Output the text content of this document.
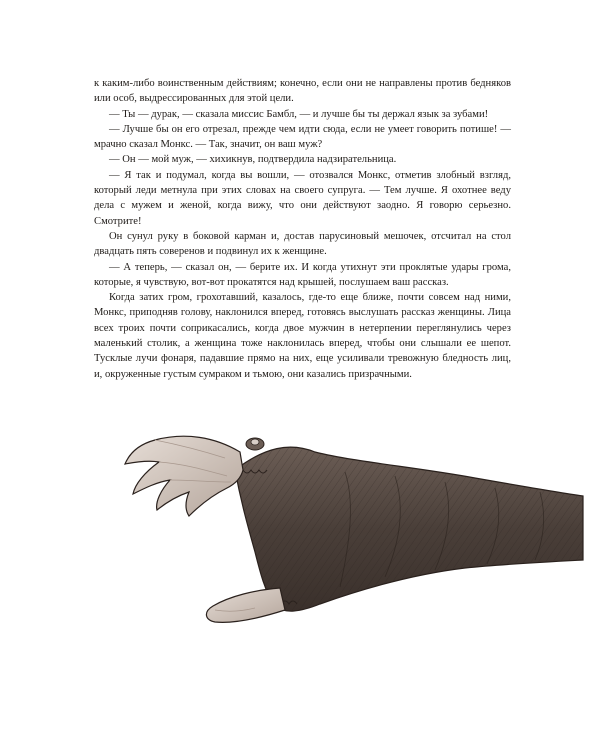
к каким-либо воинственным действиям; конечно, если они не направлены против бедняков или особ, выдрессированных для этой цели.

— Ты — дурак, — сказала миссис Бамбл, — и лучше бы ты держал язык за зубами!

— Лучше бы он его отрезал, прежде чем идти сюда, если не умеет говорить потише! — мрачно сказал Монкс. — Так, значит, он ваш муж?

— Он — мой муж, — хихикнув, подтвердила надзирательница.

— Я так и подумал, когда вы вошли, — отозвался Монкс, отметив злобный взгляд, который леди метнула при этих словах на своего супруга. — Тем лучше. Я охотнее веду дела с мужем и женой, когда вижу, что они действуют заодно. Я говорю серьезно. Смотрите!

Он сунул руку в боковой карман и, достав парусиновый мешочек, отсчитал на стол двадцать пять соверенов и подвинул их к женщине.

— А теперь, — сказал он, — берите их. И когда утихнут эти проклятые удары грома, которые, я чувствую, вот-вот прокатятся над крышей, послушаем ваш рассказ.

Когда затих гром, грохотавший, казалось, где-то еще ближе, почти совсем над ними, Монкс, приподняв голову, наклонился вперед, готовясь выслушать рассказ женщины. Лица всех троих почти соприкасались, когда двое мужчин в нетерпении переглянулись через маленький столик, а женщина тоже наклонилась вперед, чтобы они слышали ее шепот. Тусклые лучи фонаря, падавшие прямо на них, еще усиливали тревожную бледность лиц, и, окруженные густым сумраком и тьмою, они казались призрачными.
